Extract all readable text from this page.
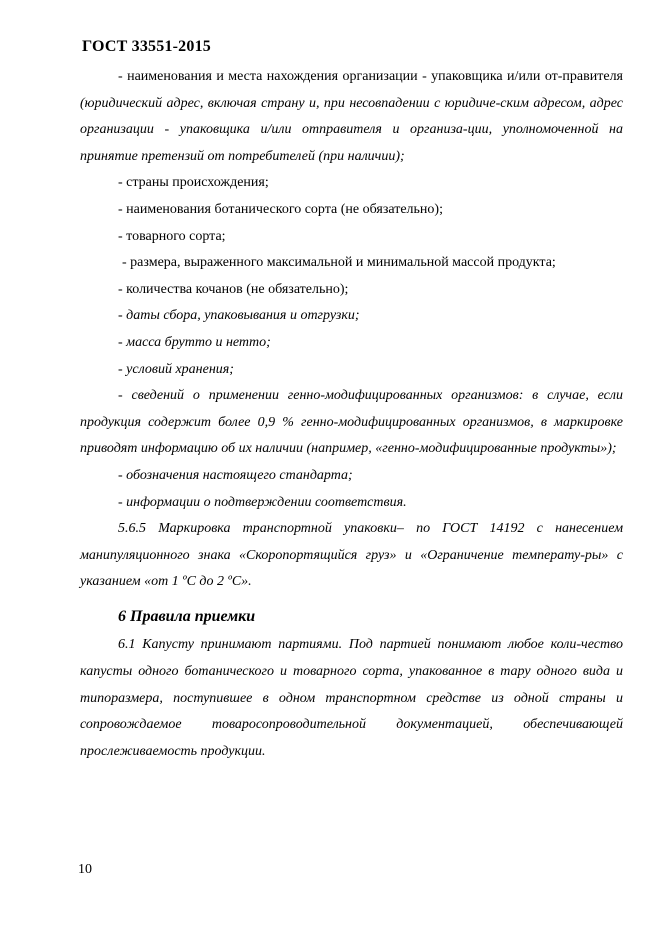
ГОСТ 33551-2015

- наименования и места нахождения организации - упаковщика и/или от-правителя (юридический адрес, включая страну и, при несовпадении с юридиче-ским адресом, адрес организации - упаковщика и/или отправителя и организа-ции, уполномоченной на принятие претензий от потребителей (при наличии);

- страны происхождения;

- наименования ботанического сорта (не обязательно);

- товарного сорта;

- размера, выраженного максимальной и минимальной массой продукта;

- количества кочанов (не обязательно);

- даты сбора, упаковывания и отгрузки;

- масса брутто и нетто;

- условий хранения;

- сведений о применении генно-модифицированных организмов: в случае, если продукция содержит более 0,9 % генно-модифицированных организмов, в маркировке приводят информацию об их наличии (например, «генно-модифицированные продукты»);

- обозначения настоящего стандарта;

- информации о подтверждении соответствия.

5.6.5 Маркировка транспортной упаковки– по ГОСТ 14192 с нанесением манипуляционного знака «Скоропортящийся груз» и «Ограничение температу-ры» с указанием «от 1 ºС до 2 ºС».

6 Правила приемки

6.1 Капусту принимают партиями. Под партией понимают любое коли-чество капусты одного ботанического и товарного сорта, упакованное в тару одного вида и типоразмера, поступившее в одном транспортном средстве из одной страны и сопровождаемое товаросопроводительной документацией, обеспечивающей прослеживаемость продукции.

10
